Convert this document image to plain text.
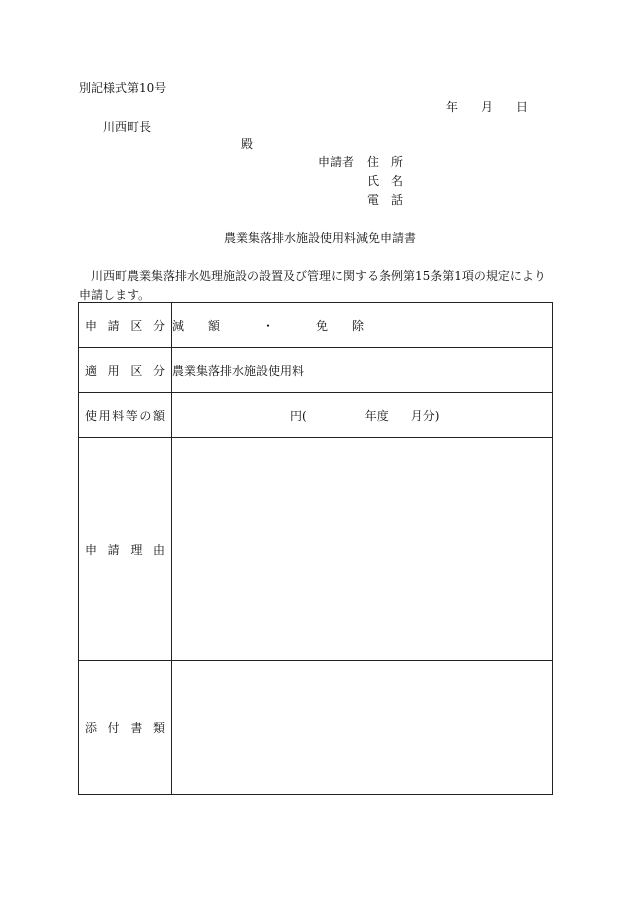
別記様式第10号
年 月 日
川西町長
殿
申請者 住　所
氏　名
電　話
農業集落排水施設使用料減免申請書
川西町農業集落排水処理施設の設置及び管理に関する条例第15条第1項の規定により申請します。
申請区分	減　　額 ・ 免　　除
適用区分	農業集落排水施設使用料
使用料等の額	円( 年度 月分)
申請理由	
添付書類	
